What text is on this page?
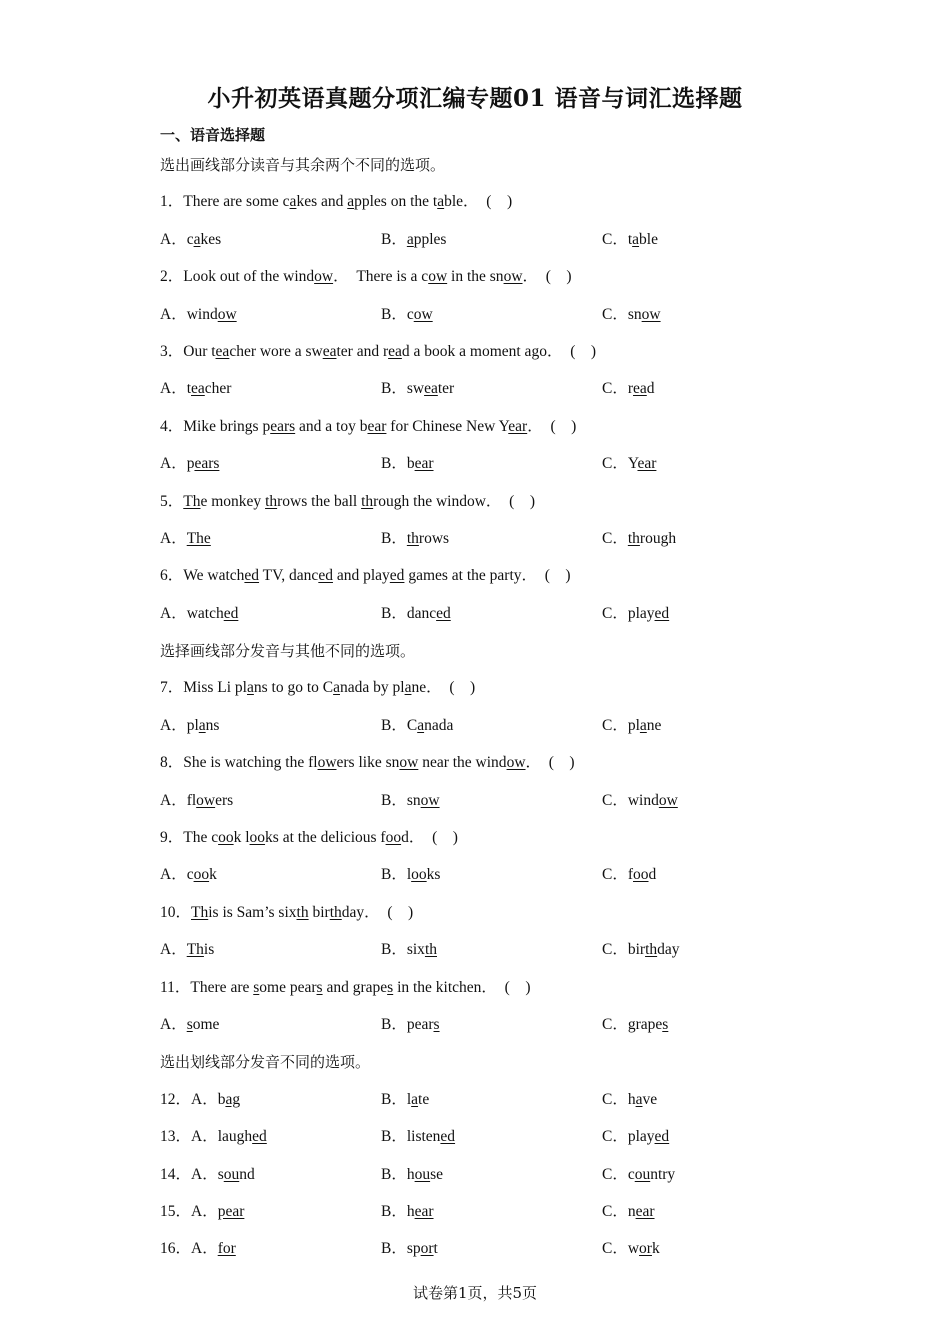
小升初英语真题分项汇编专题01 语音与词汇选择题
一、语音选择题
选出画线部分读音与其余两个不同的选项。
1．There are some cakes and apples on the table．　(　)
A．cakes	B．apples	C．table
2．Look out of the window．　There is a cow in the snow．　(　)
A．window	B．cow	C．snow
3．Our teacher wore a sweater and read a book a moment ago．　(　)
A．teacher	B．sweater	C．read
4．Mike brings pears and a toy bear for Chinese New Year．　(　)
A．pears	B．bear	C．Year
5．The monkey throws the ball through the window．　(　)
A．The	B．throws	C．through
6．We watched TV, danced and played games at the party．　(　)
A．watched	B．danced	C．played
选择画线部分发音与其他不同的选项。
7．Miss Li plans to go to Canada by plane．　(　)
A．plans	B．Canada	C．plane
8．She is watching the flowers like snow near the window．　(　)
A．flowers	B．snow	C．window
9．The cook looks at the delicious food．　(　)
A．cook	B．looks	C．food
10．This is Sam’s sixth birthday．　(　)
A．This	B．sixth	C．birthday
11．There are some pears and grapes in the kitchen．　(　)
A．some	B．pears	C．grapes
选出划线部分发音不同的选项。
12．A．bag	B．late	C．have
13．A．laughed	B．listened	C．played
14．A．sound	B．house	C．country
15．A．pear	B．hear	C．near
16．A．for	B．sport	C．work
试卷第1页，共5页
